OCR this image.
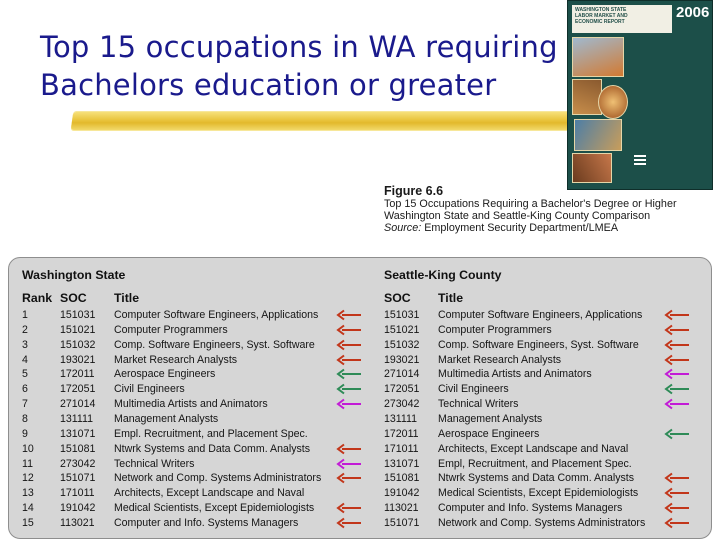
Top 15 occupations in WA requiring
Bachelors education or greater
WASHINGTON STATE
LABOR MARKET AND
ECONOMIC REPORT
2006
Figure 6.6
Top 15 Occupations Requiring a Bachelor's Degree or Higher
Washington State and Seattle-King County Comparison
Source: Employment Security Department/LMEA
Washington State	Seattle-King County
Rank SOC Title	SOC Title
1	151031 Computer Software Engineers, Applications	151031 Computer Software Engineers, Applications
2	151021 Computer Programmers	151021 Computer Programmers
3	151032 Comp. Software Engineers, Syst. Software	151032 Comp. Software Engineers, Syst. Software
4	193021 Market Research Analysts	193021 Market Research Analysts
5	172011 Aerospace Engineers	271014 Multimedia Artists and Animators
6	172051 Civil Engineers	172051 Civil Engineers
7	271014 Multimedia Artists and Animators	273042 Technical Writers
8	131111 Management Analysts	131111 Management Analysts
9	131071 Empl. Recruitment, and Placement Spec.	172011 Aerospace Engineers
10 151081 Ntwrk Systems and Data Comm. Analysts	171011 Architects, Except Landscape and Naval
11	273042 Technical Writers	131071 Empl, Recruitment, and Placement Spec.
12 151071 Network and Comp. Systems Administrators	151081 Ntwrk Systems and Data Comm. Analysts
13 171011 Architects, Except Landscape and Naval	191042 Medical Scientists, Except Epidemiologists
14 191042 Medical Scientists, Except Epidemiologists	113021 Computer and Info. Systems Managers
15 113021 Computer and Info. Systems Managers	151071 Network and Comp. Systems Administrators
